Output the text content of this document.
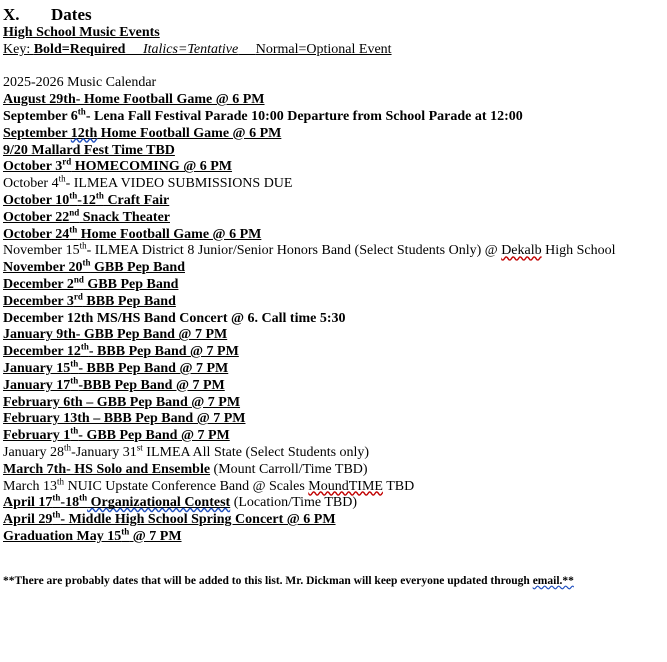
X. Dates
High School Music Events
Key: Bold=Required Italics=Tentative Normal=Optional Event
2025-2026 Music Calendar
August 29th- Home Football Game @ 6 PM
September 6th- Lena Fall Festival Parade 10:00 Departure from School Parade at 12:00
September 12th Home Football Game @ 6 PM
9/20 Mallard Fest Time TBD
October 3rd HOMECOMING @ 6 PM
October 4th- ILMEA VIDEO SUBMISSIONS DUE
October 10th-12th Craft Fair
October 22nd Snack Theater
October 24th Home Football Game @ 6 PM
November 15th- ILMEA District 8 Junior/Senior Honors Band (Select Students Only) @ Dekalb High School
November 20th GBB Pep Band
December 2nd GBB Pep Band
December 3rd BBB Pep Band
December 12th MS/HS Band Concert @ 6. Call time 5:30
January 9th- GBB Pep Band @ 7 PM
December 12th- BBB Pep Band @ 7 PM
January 15th- BBB Pep Band @ 7 PM
January 17th-BBB Pep Band @ 7 PM
February 6th – GBB Pep Band @ 7 PM
February 13th – BBB Pep Band @ 7 PM
February 1th- GBB Pep Band @ 7 PM
January 28th-January 31st ILMEA All State (Select Students only)
March 7th- HS Solo and Ensemble (Mount Carroll/Time TBD)
March 13th NUIC Upstate Conference Band @ Scales MoundTIME TBD
April 17th-18th Organizational Contest (Location/Time TBD)
April 29th- Middle High School Spring Concert @ 6 PM
Graduation May 15th @ 7 PM
**There are probably dates that will be added to this list. Mr. Dickman will keep everyone updated through email.**
